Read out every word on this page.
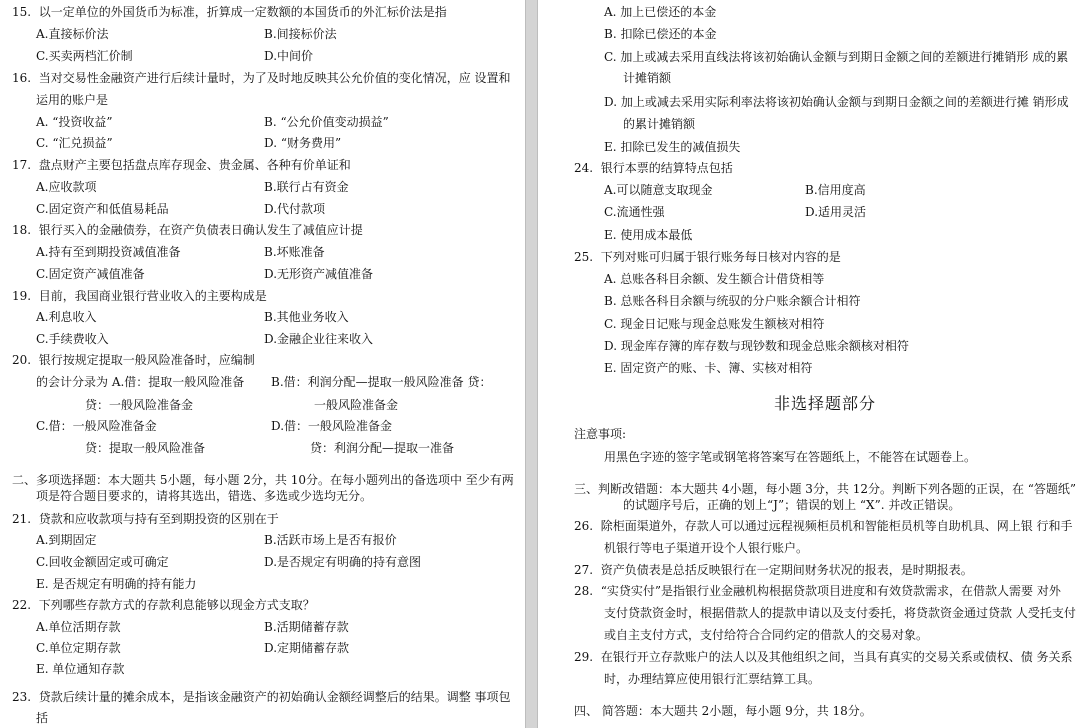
15. 以一定单位的外国货币为标准，折算成一定数额的本国货币的外汇标价法是指
A.直接标价法	B.间接标价法
C.买卖两档汇价制	D.中间价
16. 当对交易性金融资产进行后续计量时，为了及时地反映其公允价值的变化情况，应 设置和
运用的账户是
A. “投资收益”	B. “公允价值变动损益”
C. “汇兑损益”	D. “财务费用”
17. 盘点财产主要包括盘点库存现金、贵金属、各种有价单证和
A.应收款项	B.联行占有资金
C.固定资产和低值易耗品	D.代付款项
18. 银行买入的金融债券，在资产负债表日确认发生了减值应计提
A.持有至到期投资减值准备	B.坏账准备
C.固定资产减值准备	D.无形资产减值准备
19. 目前，我国商业银行营业收入的主要构成是
A.利息收入	B.其他业务收入
C.手续费收入	D.金融企业往来收入
20. 银行按规定提取一般风险准备时，应编制
的会计分录为 A.借：提取一般风险准备 B.借：利润分配—提取一般风险准备 贷：
贷：一般风险准备金	一般风险准备金
C.借：一般风险准备金	D.借：一般风险准备金
贷：提取一般风险准备	贷：利润分配—提取一准备
二、多项选择题：本大题共 5小题，每小题 2分，共 10分。在每小题列出的备选项中 至少有两
项是符合题目要求的，请将其选出，错选、多选或少选均无分。
21. 贷款和应收款项与持有至到期投资的区别在于
A.到期固定	B.活跃市场上是否有报价
C.回收金额固定或可确定	D.是否规定有明确的持有意图
E. 是否规定有明确的持有能力
22. 下列哪些存款方式的存款利息能够以现金方式支取？
A.单位活期存款	B.活期储蓄存款
C.单位定期存款	D.定期储蓄存款
E. 单位通知存款
23. 贷款后续计量的摊余成本，是指该金融资产的初始确认金额经调整后的结果。调整 事项包
括
A. 加上已偿还的本金
B. 扣除已偿还的本金
C. 加上或减去采用直线法将该初始确认金额与到期日金额之间的差额进行摊销形 成的累
计摊销额
D. 加上或减去采用实际利率法将该初始确认金额与到期日金额之间的差额进行摊 销形成
的累计摊销额
E. 扣除已发生的减值损失
24. 银行本票的结算特点包括
A.可以随意支取现金	B.信用度高
C.流通性强	D.适用灵活
E. 使用成本最低
25. 下列对账可归属于银行账务每日核对内容的是
A. 总账各科目余额、发生额合计借贷相等
B. 总账各科目余额与统驭的分户账余额合计相符
C. 现金日记账与现金总账发生额核对相符
D. 现金库存簿的库存数与现钞数和现金总账余额核对相符
E. 固定资产的账、卡、簿、实核对相符
非选择题部分
注意事项:
用黑色字迹的签字笔或钢笔将答案写在答题纸上，不能答在试题卷上。
三、判断改错题：本大题共 4小题，每小题 3分，共 12分。判断下列各题的正误，在 “答题纸”
的试题序号后，正确的划上“J”；错误的划上 “X”. 并改正错误。
26. 除柜面渠道外，存款人可以通过远程视频柜员机和智能柜员机等自助机具、网上银 行和手
机银行等电子渠道开设个人银行账户。
27. 资产负债表是总括反映银行在一定期间财务状况的报表，是时期报表。
28. “实贷实付”是指银行业金融机构根据贷款项目进度和有效贷款需求，在借款人需要 对外
支付贷款资金时，根据借款人的提款申请以及支付委托，将贷款资金通过贷款 人受托支付
或自主支付方式，支付给符合合同约定的借款人的交易对象。
29. 在银行开立存款账户的法人以及其他组织之间，当具有真实的交易关系或债权、债 务关系
时，办理结算应使用银行汇票结算工具。
四、 简答题：本大题共 2小题，每小题 9分，共 18分。
